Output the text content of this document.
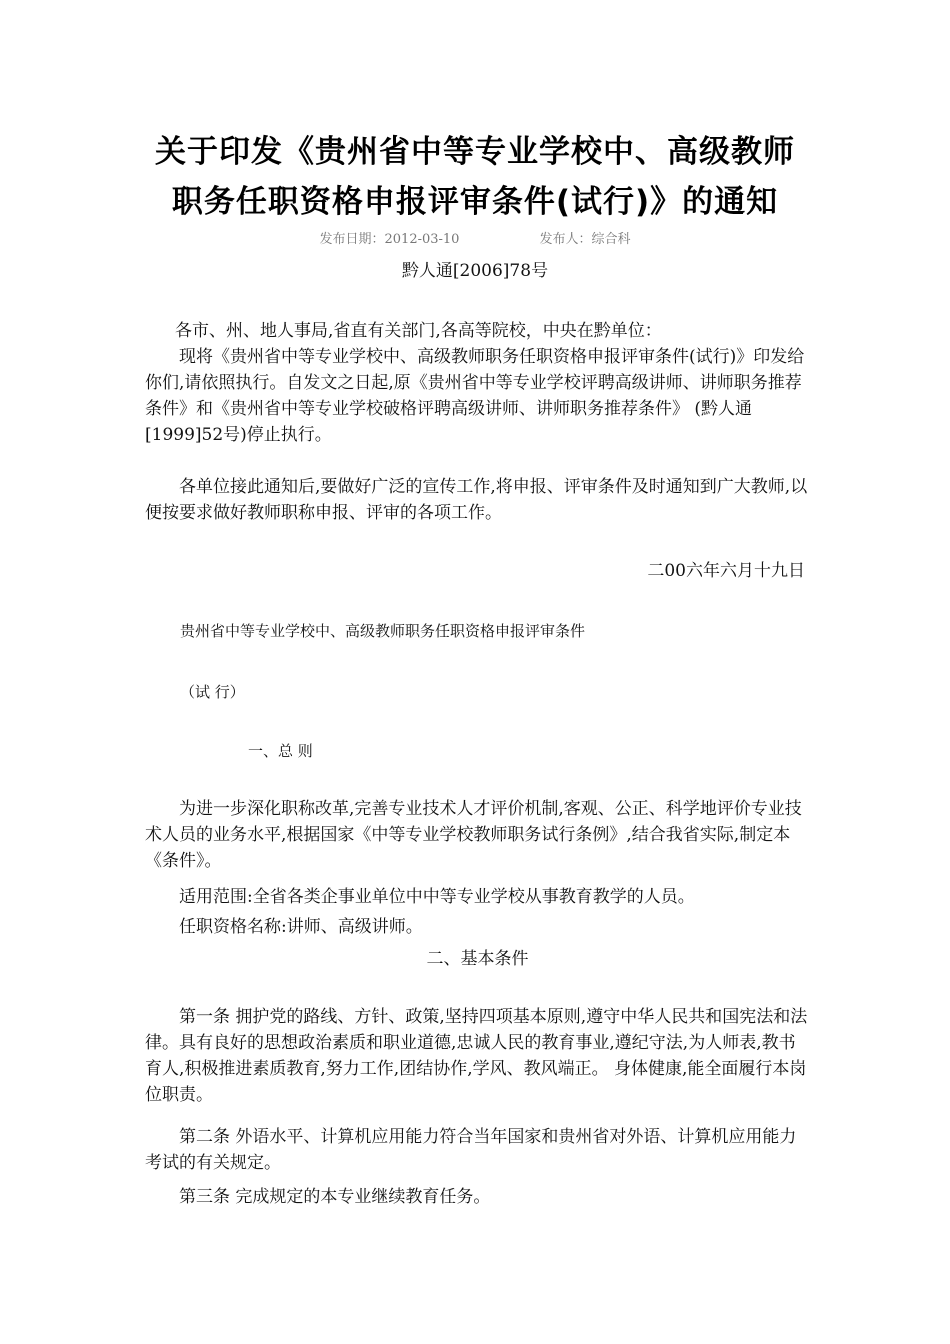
关于印发《贵州省中等专业学校中、高级教师
职务任职资格申报评审条件(试行)》的通知
发布日期：2012-03-10	发布人：综合科
黔人通[2006]78号

各市、州、地人事局,省直有关部门,各高等院校，中央在黔单位：

现将《贵州省中等专业学校中、高级教师职务任职资格申报评审条件(试行)》印发给你们,请依照执行。自发文之日起,原《贵州省中等专业学校评聘高级讲师、讲师职务推荐条件》和《贵州省中等专业学校破格评聘高级讲师、讲师职务推荐条件》 (黔人通[1999]52号)停止执行。

各单位接此通知后,要做好广泛的宣传工作,将申报、评审条件及时通知到广大教师,以便按要求做好教师职称申报、评审的各项工作。

二00六年六月十九日
贵州省中等专业学校中、高级教师职务任职资格申报评审条件
（试 行）
一、总 则

为进一步深化职称改革,完善专业技术人才评价机制,客观、公正、科学地评价专业技术人员的业务水平,根据国家《中等专业学校教师职务试行条例》,结合我省实际,制定本《条件》。

适用范围:全省各类企事业单位中中等专业学校从事教育教学的人员。

任职资格名称:讲师、高级讲师。

二、基本条件

第一条 拥护党的路线、方针、政策,坚持四项基本原则,遵守中华人民共和国宪法和法律。具有良好的思想政治素质和职业道德,忠诚人民的教育事业,遵纪守法,为人师表,教书育人,积极推进素质教育,努力工作,团结协作,学风、教风端正。 身体健康,能全面履行本岗位职责。

第二条 外语水平、计算机应用能力符合当年国家和贵州省对外语、计算机应用能力考试的有关规定。

第三条 完成规定的本专业继续教育任务。
